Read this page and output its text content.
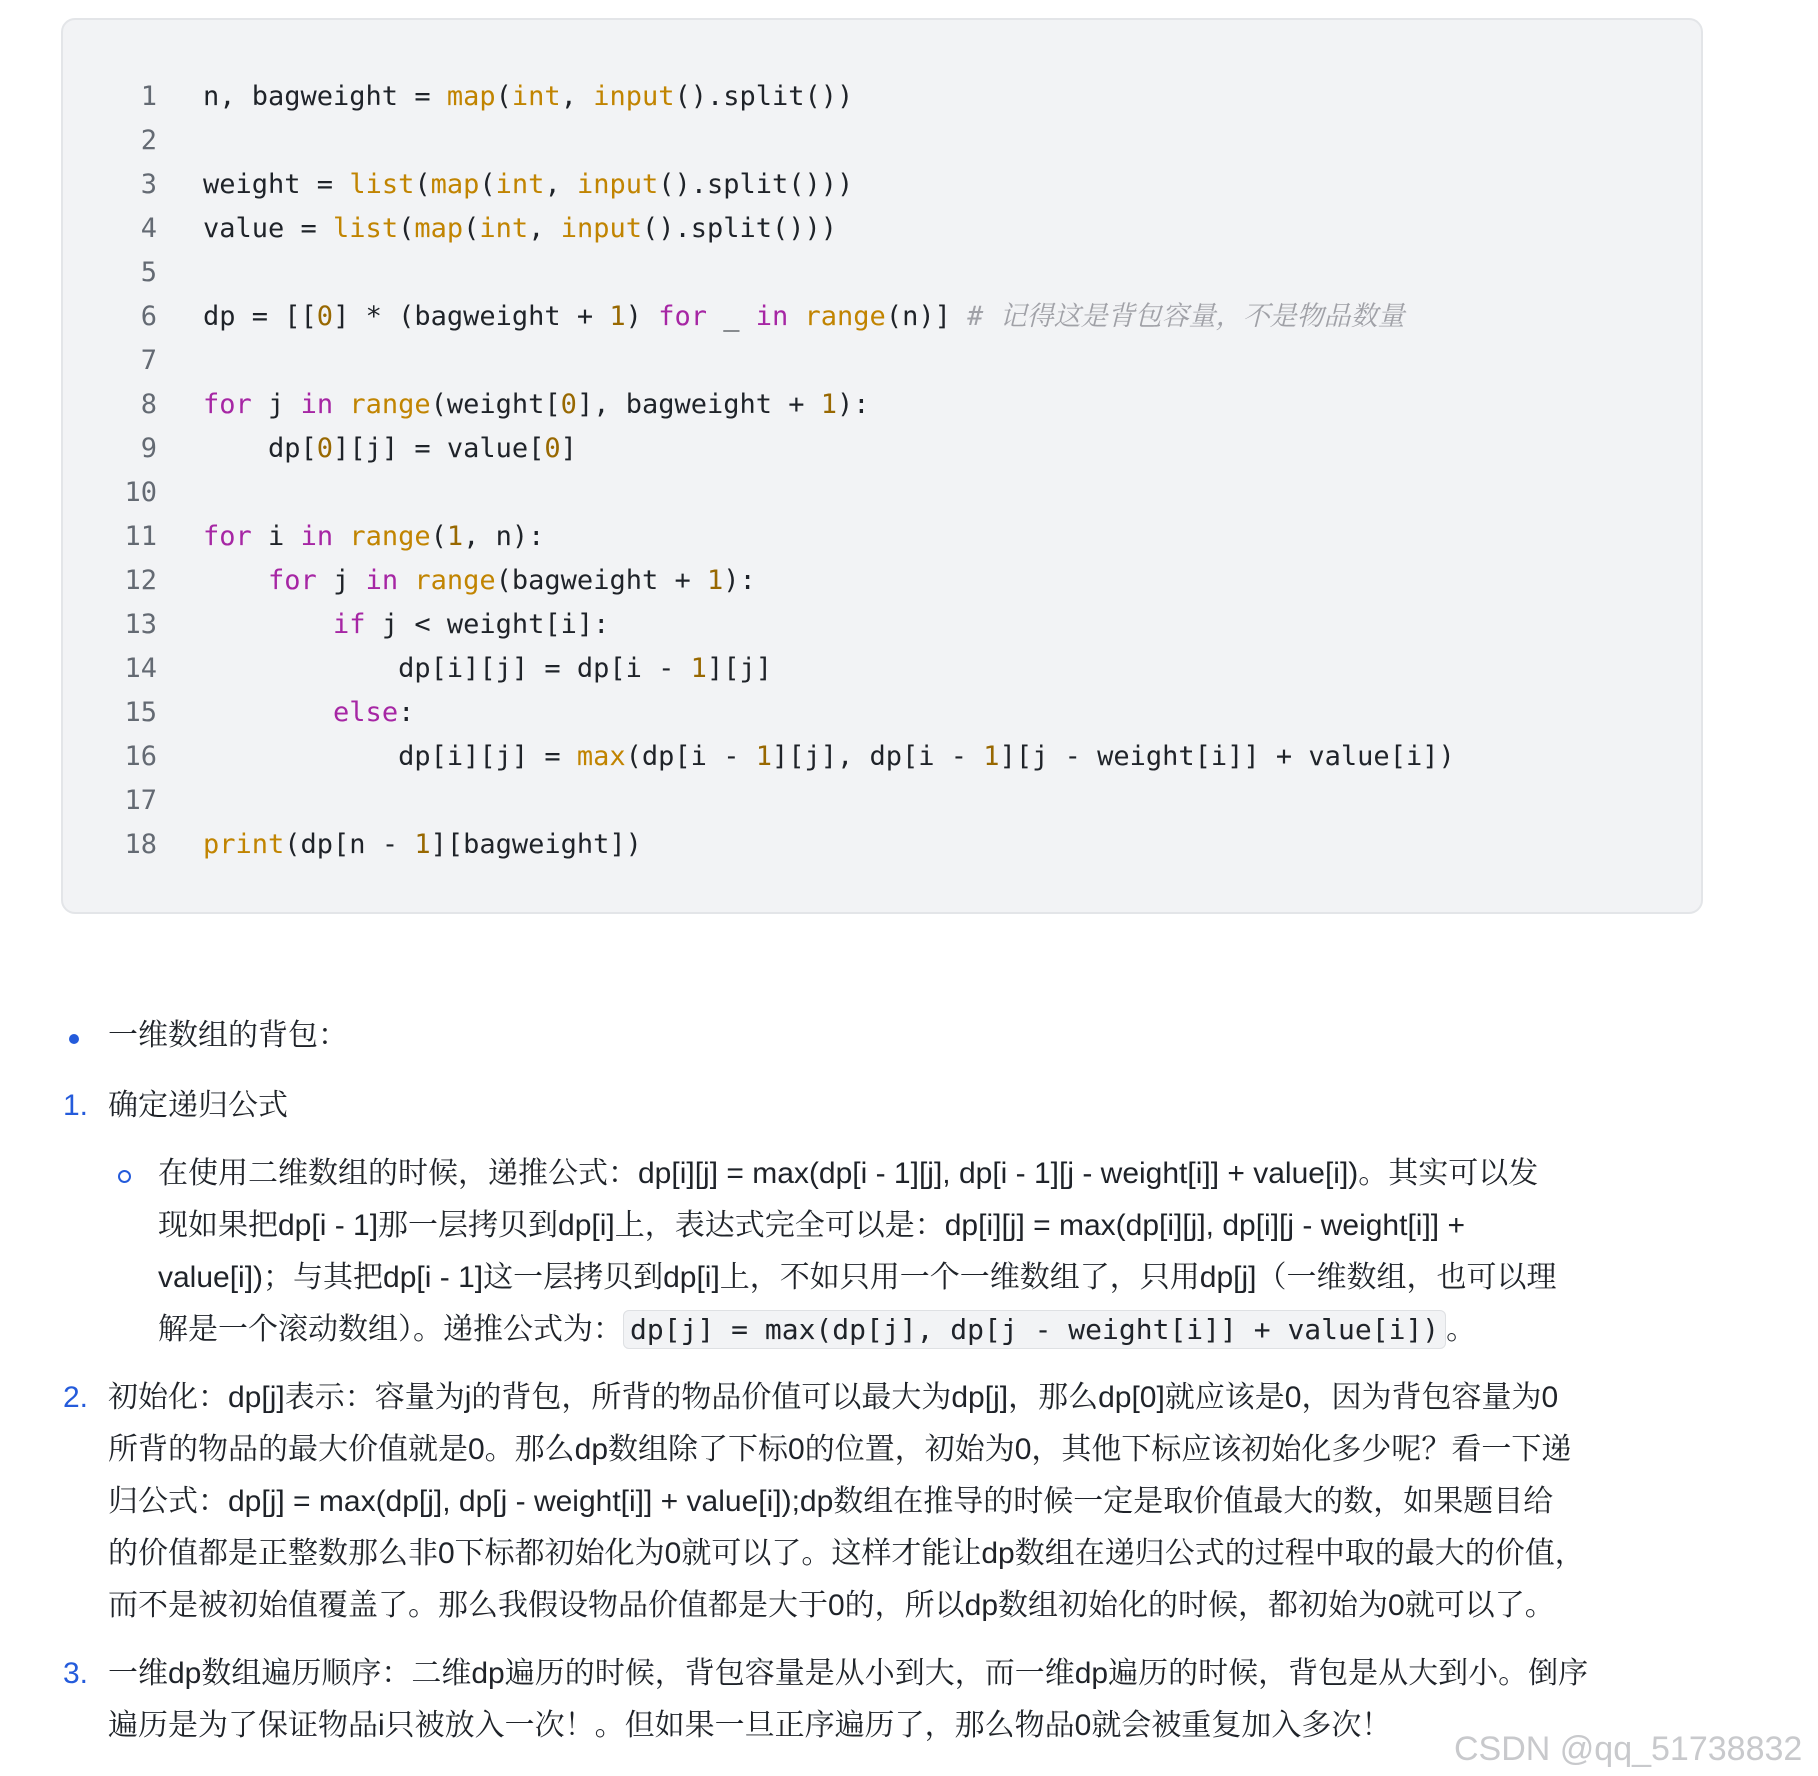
1 n, bagweight = map(int, input().split())
2
3 weight = list(map(int, input().split()))
4 value = list(map(int, input().split()))
5
6 dp = [[0] * (bagweight + 1) for _ in range(n)] # 记得这是背包容量，不是物品数量
7
8 for j in range(weight[0], bagweight + 1):
9 dp[0][j] = value[0]
10
11 for i in range(1, n):
12	for j in range(bagweight + 1):
13	if j < weight[i]:
14 dp[i][j] = dp[i - 1][j]
15	else:
16 dp[i][j] = max(dp[i - 1][j], dp[i - 1][j - weight[i]] + value[i])
17
18 print(dp[n - 1][bagweight])
一维数组的背包：
1. 确定递归公式
在使用二维数组的时候，递推公式：dp[i][j] = max(dp[i - 1][j], dp[i - 1][j - weight[i]] + value[i])。其实可以发
现如果把dp[i - 1]那一层拷贝到dp[i]上，表达式完全可以是：dp[i][j] = max(dp[i][j], dp[i][j - weight[i]] +
value[i])；与其把dp[i - 1]这一层拷贝到dp[i]上，不如只用一个一维数组了，只用dp[j]（一维数组，也可以理
解是一个滚动数组）。递推公式为： dp[j] = max(dp[j], dp[j - weight[i]] + value[i]) 。
2. 初始化：dp[j]表示：容量为j的背包，所背的物品价值可以最大为dp[j]，那么dp[0]就应该是0，因为背包容量为0
所背的物品的最大价值就是0。那么dp数组除了下标0的位置，初始为0，其他下标应该初始化多少呢？看一下递
归公式：dp[j] = max(dp[j], dp[j - weight[i]] + value[i]);dp数组在推导的时候一定是取价值最大的数，如果题目给
的价值都是正整数那么非0下标都初始化为0就可以了。这样才能让dp数组在递归公式的过程中取的最大的价值，
而不是被初始值覆盖了。那么我假设物品价值都是大于0的，所以dp数组初始化的时候，都初始为0就可以了。
3. 一维dp数组遍历顺序：二维dp遍历的时候，背包容量是从小到大，而一维dp遍历的时候，背包是从大到小。倒序
遍历是为了保证物品i只被放入一次！。但如果一旦正序遍历了，那么物品0就会被重复加入多次！
CSDN @qq_51738832
